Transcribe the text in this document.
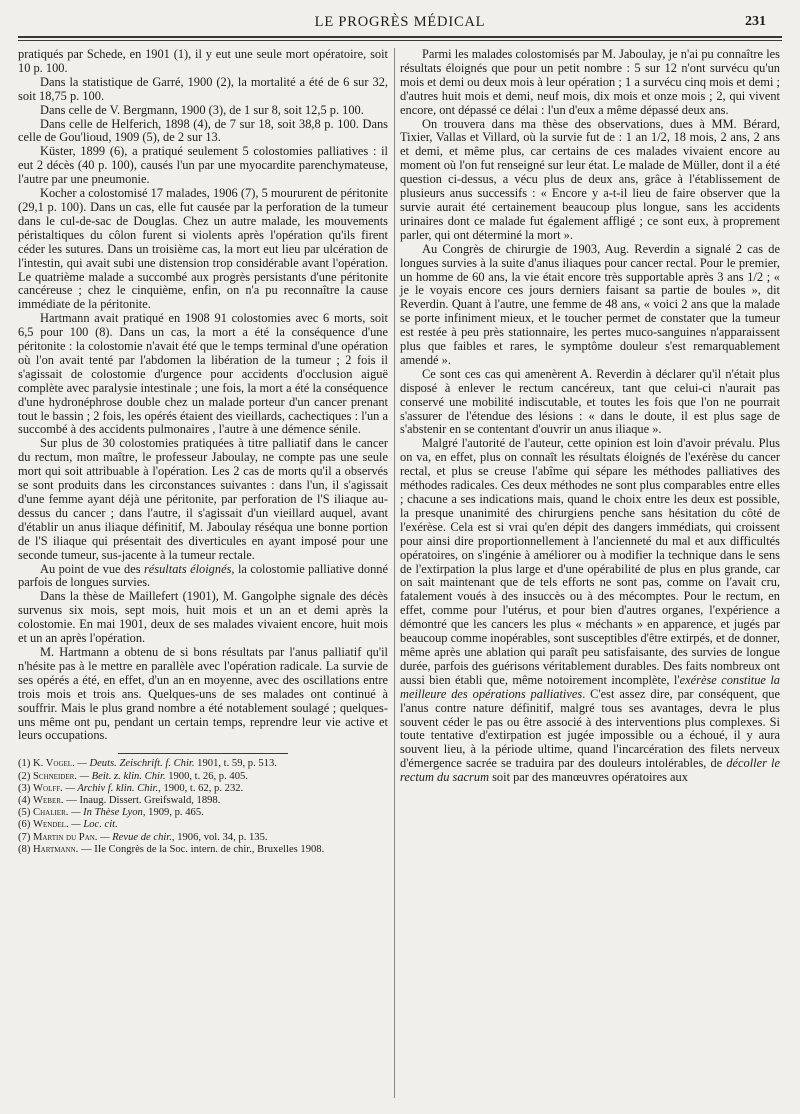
LE PROGRÈS MÉDICAL	231

pratiqués par Schede, en 1901 (1), il y eut une seule mort opératoire, soit 10 p. 100.

Dans la statistique de Garré, 1900 (2), la mortalité a été de 6 sur 32, soit 18,75 p. 100.

Dans celle de V. Bergmann, 1900 (3), de 1 sur 8, soit 12,5 p. 100.

Dans celle de Helferich, 1898 (4), de 7 sur 18, soit 38,8 p. 100. Dans celle de Gou'lioud, 1909 (5), de 2 sur 13.

Küster, 1899 (6), a pratiqué seulement 5 colostomies palliatives : il eut 2 décès (40 p. 100), causés l'un par une myocardite parenchymateuse, l'autre par une pneumonie.

Kocher a colostomisé 17 malades, 1906 (7), 5 moururent de péritonite (29,1 p. 100). Dans un cas, elle fut causée par la perforation de la tumeur dans le cul-de-sac de Douglas. Chez un autre malade, les mouvements péristaltiques du côlon furent si violents après l'opération qu'ils firent céder les sutures. Dans un troisième cas, la mort eut lieu par ulcération de l'intestin, qui avait subi une distension trop considérable avant l'opération. Le quatrième malade a succombé aux progrès persistants d'une péritonite cancéreuse ; chez le cinquième, enfin, on n'a pu reconnaître la cause immédiate de la péritonite.

Hartmann avait pratiqué en 1908 91 colostomies avec 6 morts, soit 6,5 pour 100 (8). Dans un cas, la mort a été la conséquence d'une péritonite : la colostomie n'avait été que le temps terminal d'une opération où l'on avait tenté par l'abdomen la libération de la tumeur ; 2 fois il s'agissait de colostomie d'urgence pour accidents d'occlusion aiguë complète avec paralysie intestinale ; une fois, la mort a été la conséquence d'une hydronéphrose double chez un malade porteur d'un cancer prenant tout le bassin ; 2 fois, les opérés étaient des vieillards, cachectiques : l'un a succombé à des accidents pulmonaires , l'autre à une démence sénile.

Sur plus de 30 colostomies pratiquées à titre palliatif dans le cancer du rectum, mon maître, le professeur Jaboulay, ne compte pas une seule mort qui soit attribuable à l'opération. Les 2 cas de morts qu'il a observés se sont produits dans les circonstances suivantes : dans l'un, il s'agissait d'une femme ayant déjà une péritonite, par perforation de l'S iliaque au-dessus du cancer ; dans l'autre, il s'agissait d'un vieillard auquel, avant d'établir un anus iliaque définitif, M. Jaboulay réséqua une bonne portion de l'S iliaque qui présentait des diverticules en ayant imposé pour une seconde tumeur, sus-jacente à la tumeur rectale.

Au point de vue des résultats éloignés, la colostomie palliative donné parfois de longues survies.

Dans la thèse de Maillefert (1901), M. Gangolphe signale des décès survenus six mois, sept mois, huit mois et un an et demi après la colostomie. En mai 1901, deux de ses malades vivaient encore, huit mois et un an après l'opération.

M. Hartmann a obtenu de si bons résultats par l'anus palliatif qu'il n'hésite pas à le mettre en parallèle avec l'opération radicale. La survie de ses opérés a été, en effet, d'un an en moyenne, avec des oscillations entre trois mois et trois ans. Quelques-uns de ses malades ont continué à souffrir. Mais le plus grand nombre a été notablement soulagé ; quelques-uns même ont pu, pendant un certain temps, reprendre leur vie active et leurs occupations.

(1) K. Vogel. — Deuts. Zeischrift. f. Chir. 1901, t. 59, p. 513.
(2) Schneider. — Beit. z. klin. Chir. 1900, t. 26, p. 405.
(3) Wolff. — Archiv f. klin. Chir., 1900, t. 62, p. 232.
(4) Weber. — Inaug. Dissert. Greifswald, 1898.
(5) Chalier. — In Thèse Lyon, 1909, p. 465.
(6) Wendel. — Loc. cit.
(7) Martin du Pan. — Revue de chir., 1906, vol. 34, p. 135.
(8) Hartmann. — IIe Congrès de la Soc. intern. de chir., Bruxelles 1908.

Parmi les malades colostomisés par M. Jaboulay, je n'ai pu connaître les résultats éloignés que pour un petit nombre : 5 sur 12 n'ont survécu qu'un mois et demi ou deux mois à leur opération ; 1 a survécu cinq mois et demi ; d'autres huit mois et demi, neuf mois, dix mois et onze mois ; 2, qui vivent encore, ont dépassé ce délai : l'un d'eux a même dépassé deux ans.

On trouvera dans ma thèse des observations, dues à MM. Bérard, Tixier, Vallas et Villard, où la survie fut de : 1 an 1/2, 18 mois, 2 ans, 2 ans et demi, et même plus, car certains de ces malades vivaient encore au moment où l'on fut renseigné sur leur état. Le malade de Müller, dont il a été question ci-dessus, a vécu plus de deux ans, grâce à l'établissement de plusieurs anus successifs : « Encore y a-t-il lieu de faire observer que la survie aurait été certainement beaucoup plus longue, sans les accidents urinaires dont ce malade fut également affligé ; ce sont eux, à proprement parler, qui ont déterminé la mort ».

Au Congrès de chirurgie de 1903, Aug. Reverdin a signalé 2 cas de longues survies à la suite d'anus iliaques pour cancer rectal. Pour le premier, un homme de 60 ans, la vie était encore très supportable après 3 ans 1/2 ; « je le voyais encore ces jours derniers faisant sa partie de boules », dit Reverdin. Quant à l'autre, une femme de 48 ans, « voici 2 ans que la malade se porte infiniment mieux, et le toucher permet de constater que la tumeur est restée à peu près stationnaire, les pertes muco-sanguines n'apparaissent plus que faibles et rares, le symptôme douleur s'est remarquablement amendé ».

Ce sont ces cas qui amenèrent A. Reverdin à déclarer qu'il n'était plus disposé à enlever le rectum cancéreux, tant que celui-ci n'aurait pas conservé une mobilité indiscutable, et toutes les fois que l'on ne pourrait s'assurer de l'étendue des lésions : « dans le doute, il est plus sage de s'abstenir en se contentant d'ouvrir un anus iliaque ».

Malgré l'autorité de l'auteur, cette opinion est loin d'avoir prévalu. Plus on va, en effet, plus on connaît les résultats éloignés de l'exérèse du cancer rectal, et plus se creuse l'abîme qui sépare les méthodes palliatives des méthodes radicales. Ces deux méthodes ne sont plus comparables entre elles ; chacune a ses indications mais, quand le choix entre les deux est possible, la presque unanimité des chirurgiens penche sans hésitation du côté de l'exérèse. Cela est si vrai qu'en dépit des dangers immédiats, qui croissent pour ainsi dire proportionnellement à l'ancienneté du mal et aux difficultés opératoires, on s'ingénie à améliorer ou à modifier la technique dans le sens de l'extirpation la plus large et d'une opérabilité de plus en plus grande, car on sait maintenant que de tels efforts ne sont pas, comme on l'avait cru, fatalement voués à des insuccès ou à des mécomptes. Pour le rectum, en effet, comme pour l'utérus, et pour bien d'autres organes, l'expérience a démontré que les cancers les plus « méchants » en apparence, et jugés par beaucoup comme inopérables, sont susceptibles d'être extirpés, et de donner, même après une ablation qui paraît peu satisfaisante, des survies de longue durée, parfois des guérisons véritablement durables. Des faits nombreux ont aussi bien établi que, même notoirement incomplète, l'exérèse constitue la meilleure des opérations palliatives. C'est assez dire, par conséquent, que l'anus contre nature définitif, malgré tous ses avantages, devra le plus souvent céder le pas ou être associé à des interventions plus complexes. Si toute tentative d'extirpation est jugée impossible ou a échoué, il y aura souvent lieu, à la période ultime, quand l'incarcération des filets nerveux d'émergence sacrée se traduira par des douleurs intolérables, de décoller le rectum du sacrum soit par des manœuvres opératoires aux
